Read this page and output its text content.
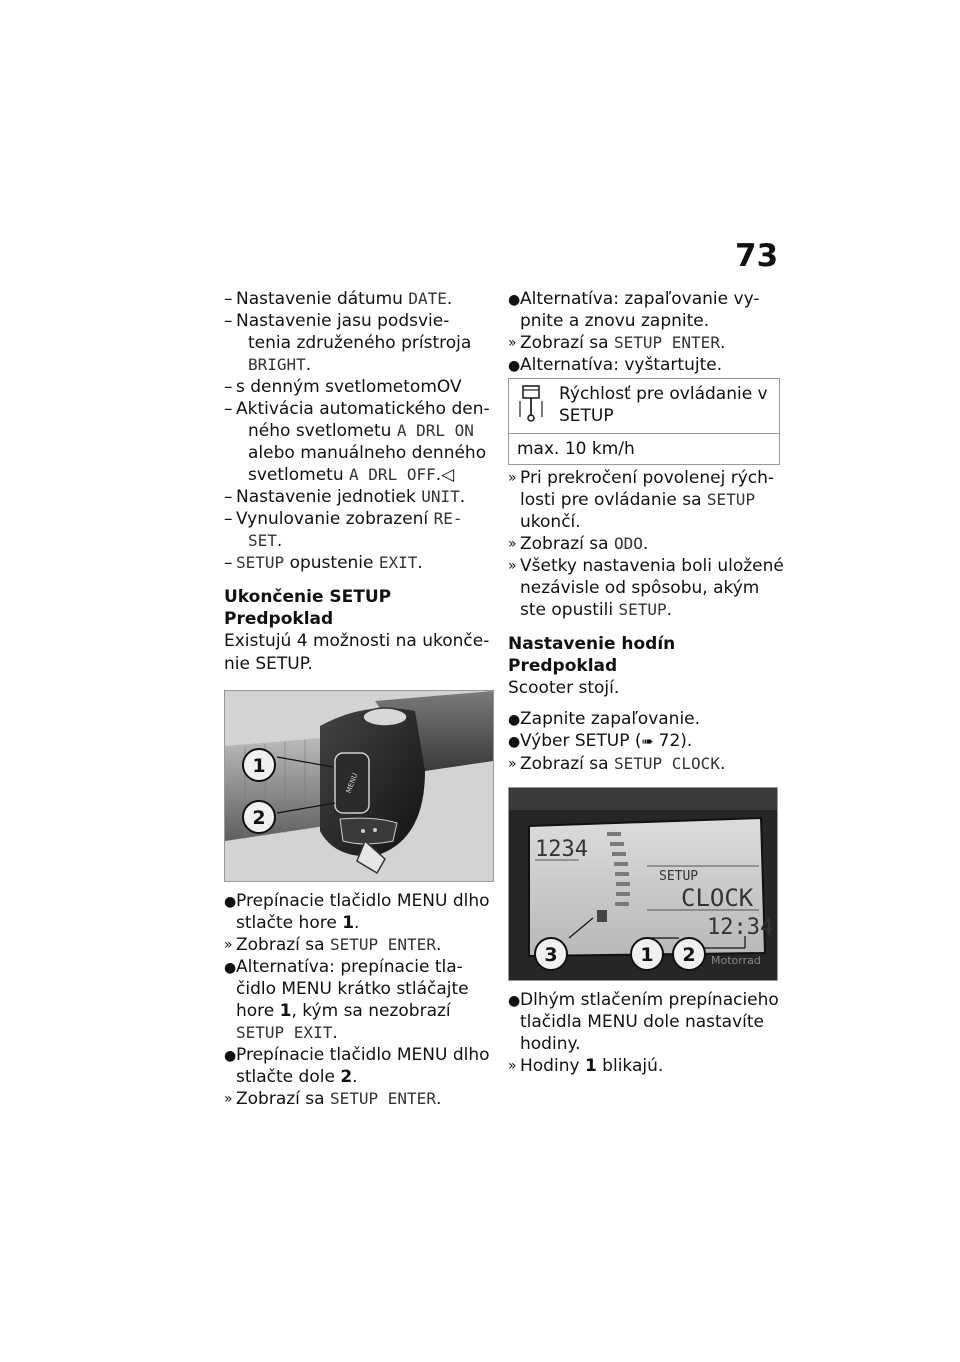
73
– Nastavenie dátumu DATE.
– Nastavenie jasu podsvie-
tenia združeného prístroja
BRIGHT.
– s denným svetlometomOV
– Aktivácia automatického den-
ného svetlometu A DRL ON
alebo manuálneho denného
svetlometu A DRL OFF.◁
– Nastavenie jednotiek UNIT.
– Vynulovanie zobrazení RE-
SET.
– SETUP opustenie EXIT.
Ukončenie SETUP
Predpoklad
Existujú 4 možnosti na ukonče-
nie SETUP.
MENU
1
2
● Prepínacie tlačidlo MENU dlho
stlačte hore 1.
» Zobrazí sa SETUP ENTER.
● Alternatíva: prepínacie tla-
čidlo MENU krátko stláčajte
hore 1, kým sa nezobrazí
SETUP EXIT.
● Prepínacie tlačidlo MENU dlho
stlačte dole 2.
» Zobrazí sa SETUP ENTER.
● Alternatíva: zapaľovanie vy-
pnite a znovu zapnite.
» Zobrazí sa SETUP ENTER.
● Alternatíva: vyštartujte.

Rýchlosť pre ovládanie v
SETUP

max. 10 km/h
» Pri prekročení povolenej rých-
losti pre ovládanie sa SETUP
ukončí.
» Zobrazí sa ODO.
» Všetky nastavenia boli uložené
nezávisle od spôsobu, akým
ste opustili SETUP.
Nastavenie hodín
Predpoklad
Scooter stojí.
● Zapnite zapaľovanie.
● Výber SETUP (➠ 72).
» Zobrazí sa SETUP CLOCK.
1234
SETUP
CLOCK
12:34
3	1 2 Motorrad
● Dlhým stlačením prepínacieho
tlačidla MENU dole nastavíte
hodiny.
» Hodiny 1 blikajú.
